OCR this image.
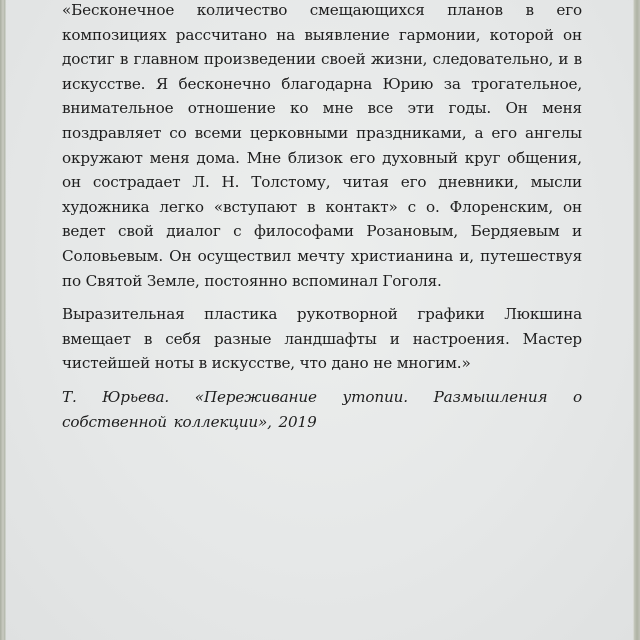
«Бесконечное количество смещающихся планов в его композициях рассчитано на выявление гармонии, которой он достиг в главном произведении своей жизни, следовательно, и в искусстве. Я бесконечно благодарна Юрию за трогательное, внимательное отношение ко мне все эти годы. Он меня поздравляет со всеми церковными праздниками, а его ангелы окружают меня дома. Мне близок его духовный круг общения, он сострадает Л. Н. Толстому, читая его дневники, мысли художника легко «вступают в контакт» с о. Флоренским, он ведет свой диалог с философами Розановым, Бердяевым и Соловьевым. Он осуществил мечту христианина и, путешествуя по Святой Земле, постоянно вспоминал Гоголя.

Выразительная пластика рукотворной графики Люкшина вмещает в себя разные ландшафты и настроения. Мастер чистейшей ноты в искусстве, что дано не многим.»

Т. Юрьева. «Переживание утопии. Размышления о собственной коллекции», 2019
